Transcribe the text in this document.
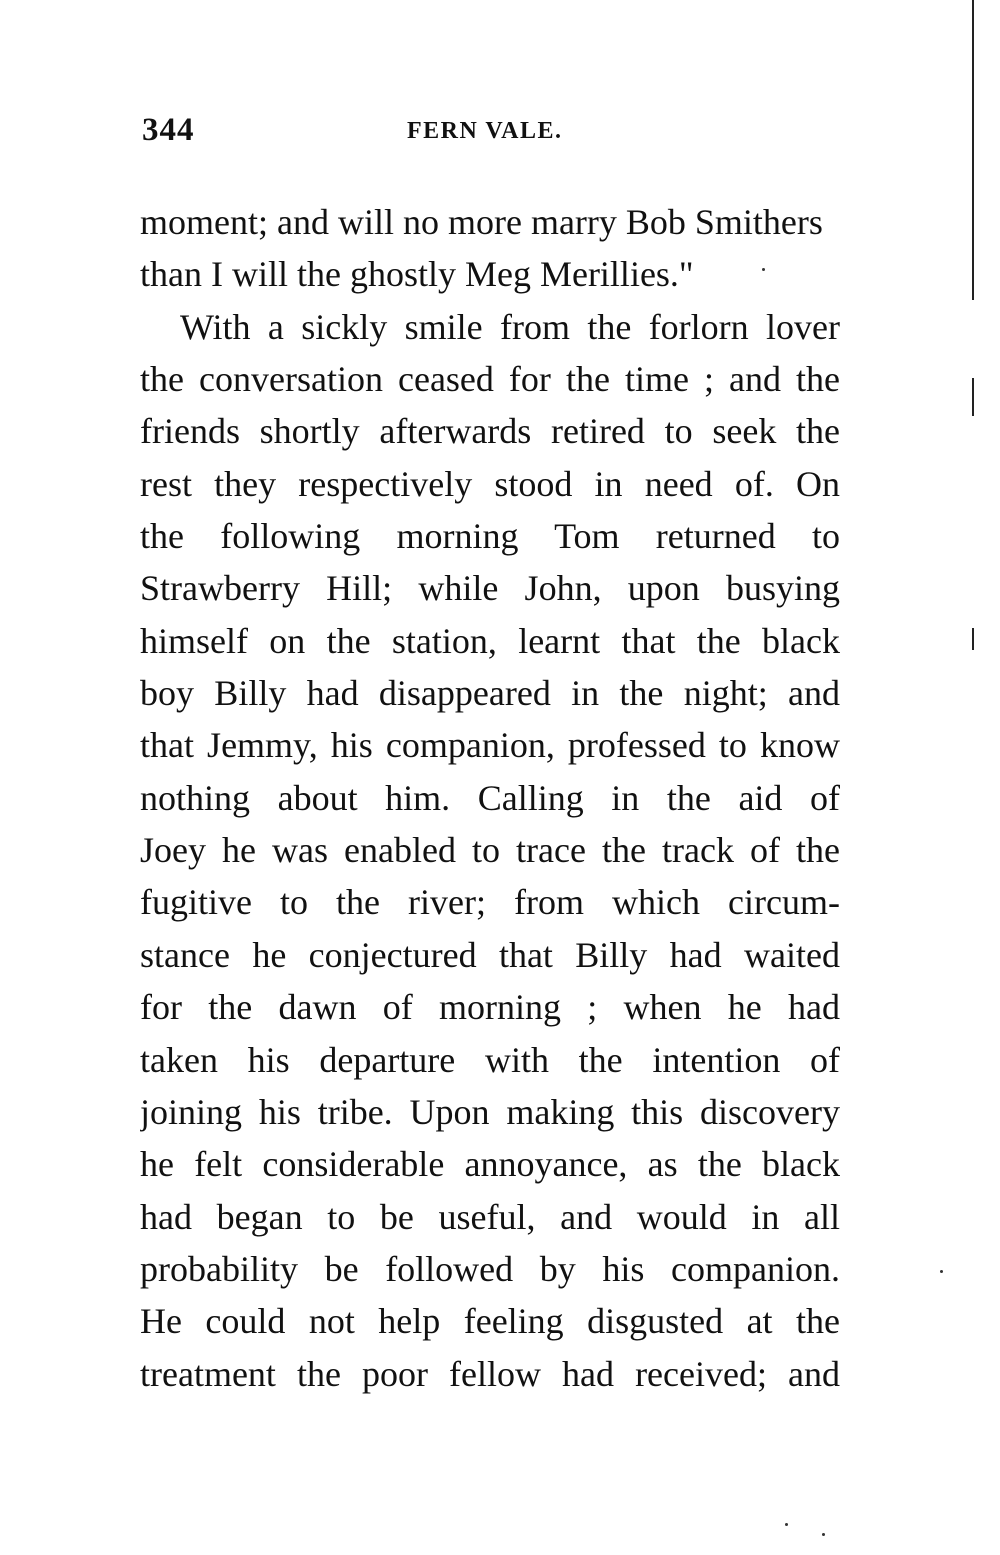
344	FERN VALE.
moment; and will no more marry Bob Smithers
than I will the ghostly Meg Merillies."
With a sickly smile from the forlorn lover
the conversation ceased for the time ; and the
friends shortly afterwards retired to seek the
rest they respectively stood in need of. On
the following morning Tom returned to
Strawberry Hill; while John, upon busying
himself on the station, learnt that the black
boy Billy had disappeared in the night; and
that Jemmy, his companion, professed to know
nothing about him. Calling in the aid of
Joey he was enabled to trace the track of the
fugitive to the river; from which circum-
stance he conjectured that Billy had waited
for the dawn of morning ; when he had
taken his departure with the intention of
joining his tribe. Upon making this discovery
he felt considerable annoyance, as the black
had began to be useful, and would in all
probability be followed by his companion.
He could not help feeling disgusted at the
treatment the poor fellow had received; and
